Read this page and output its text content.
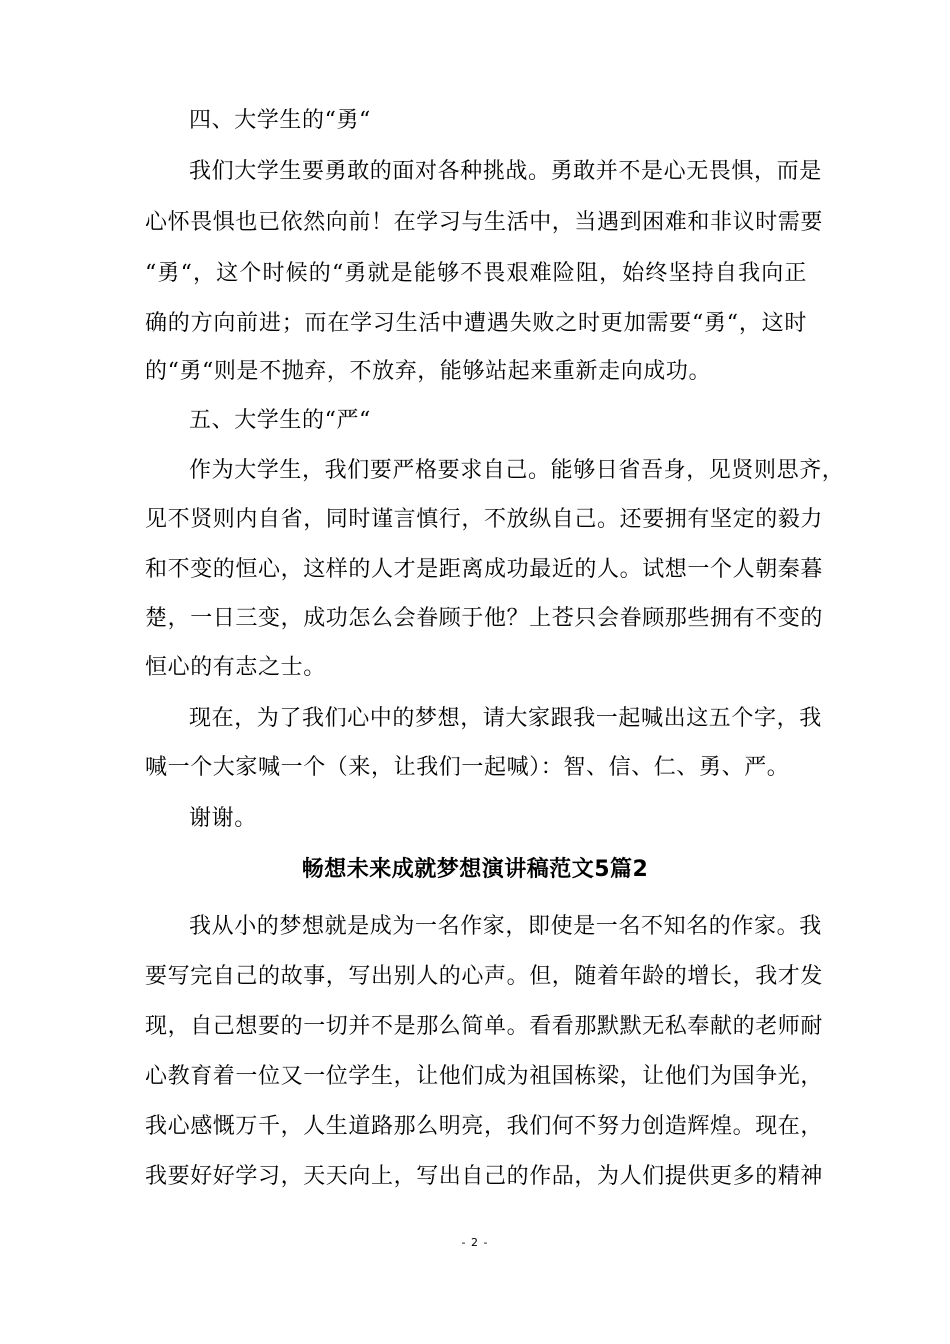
四、大学生的“勇“
我们大学生要勇敢的面对各种挑战。勇敢并不是心无畏惧，而是
心怀畏惧也已依然向前！在学习与生活中，当遇到困难和非议时需要
“勇“，这个时候的“勇就是能够不畏艰难险阻，始终坚持自我向正
确的方向前进；而在学习生活中遭遇失败之时更加需要“勇“，这时
的“勇“则是不抛弃，不放弃，能够站起来重新走向成功。
五、大学生的“严“
作为大学生，我们要严格要求自己。能够日省吾身，见贤则思齐，
见不贤则内自省，同时谨言慎行，不放纵自己。还要拥有坚定的毅力
和不变的恒心，这样的人才是距离成功最近的人。试想一个人朝秦暮
楚，一日三变，成功怎么会眷顾于他？上苍只会眷顾那些拥有不变的
恒心的有志之士。
现在，为了我们心中的梦想，请大家跟我一起喊出这五个字，我
喊一个大家喊一个（来，让我们一起喊）：智、信、仁、勇、严。
谢谢。
畅想未来成就梦想演讲稿范文5篇2
我从小的梦想就是成为一名作家，即使是一名不知名的作家。我
要写完自己的故事，写出别人的心声。但，随着年龄的增长，我才发
现，自己想要的一切并不是那么简单。看看那默默无私奉献的老师耐
心教育着一位又一位学生，让他们成为祖国栋梁，让他们为国争光，
我心感慨万千，人生道路那么明亮，我们何不努力创造辉煌。现在，
我要好好学习，天天向上，写出自己的作品，为人们提供更多的精神
- 2 -
